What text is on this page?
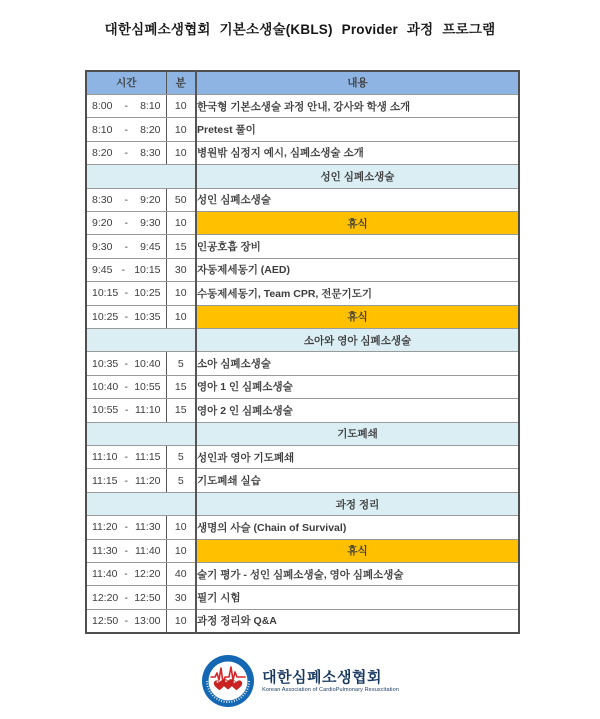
대한심폐소생협회 기본소생술(KBLS) Provider 과정 프로그램
시간	분	내용

8:00 - 8:10	10	한국형 기본소생술 과정 안내, 강사와 학생 소개

8:10 - 8:20	10	Pretest 풀이

8:20 - 8:30	10	병원밖 심정지 예시, 심폐소생술 소개
		성인 심폐소생술

8:30 - 9:20	50	성인 심폐소생술

9:20 - 9:30	10	휴식

9:30 - 9:45	15	인공호흡 장비

9:45 - 10:15	30	자동제세동기 (AED)

10:15 - 10:25	10	수동제세동기, Team CPR, 전문기도기

10:25 - 10:35	10	휴식
		소아와 영아 심폐소생술

10:35 - 10:40	5	소아 심폐소생술

10:40 - 10:55	15	영아 1 인 심폐소생술

10:55 - 11:10	15	영아 2 인 심폐소생술
		기도폐쇄

11:10 - 11:15	5	성인과 영아 기도폐쇄

11:15 - 11:20	5	기도폐쇄 실습
		과정 정리

11:20 - 11:30	10	생명의 사슬 (Chain of Survival)

11:30 - 11:40	10	휴식

11:40 - 12:20	40	술기 평가 - 성인 심폐소생술, 영아 심폐소생술

12:20 - 12:50	30	필기 시험

12:50 - 13:00	10	과정 정리와 Q&A
대한심폐소생협회
Korean Association of CardioPulmonary Resuscitation
